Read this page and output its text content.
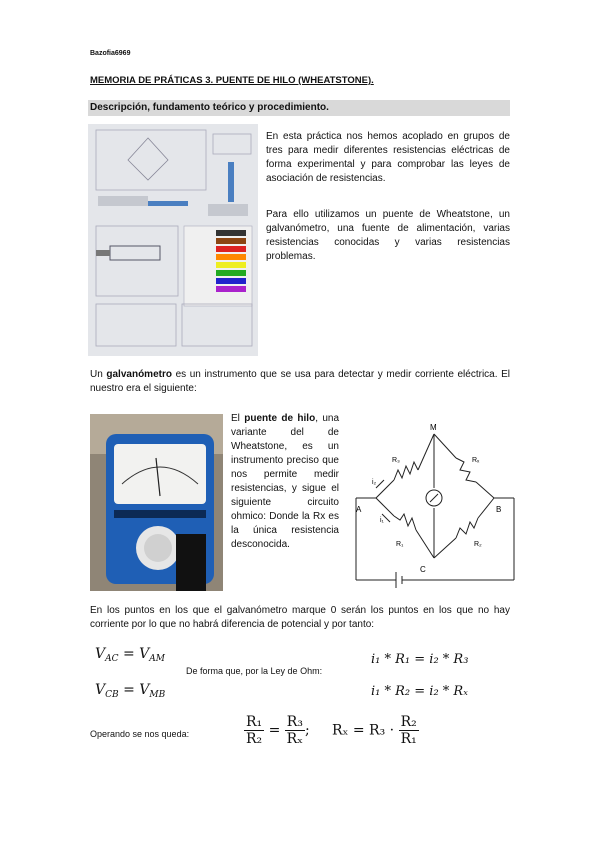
Bazofia6969
MEMORIA DE PRÁTICAS 3. PUENTE DE HILO (WHEATSTONE).
Descripción, fundamento teórico y procedimiento.
En esta práctica nos hemos acoplado en grupos de tres para medir diferentes resistencias eléctricas de forma experimental y para comprobar las leyes de asociación de resistencias.
Para ello utilizamos un puente de Wheatstone, un galvanómetro, una fuente de alimentación, varias resistencias conocidas y varias resistencias problemas.
Un galvanómetro es un instrumento que se usa para detectar y medir corriente eléctrica. El nuestro era el siguiente:
El puente de hilo, una variante del de Wheatstone, es un instrumento preciso que nos permite medir resistencias, y sigue el siguiente circuito ohmico: Donde la Rx es la única resistencia desconocida.
M
A	B
C
R₃	Rₓ
R₁	R₂
i₁
i₂
En los puntos en los que el galvanómetro marque 0 serán los puntos en los que no hay corriente por lo que no habrá diferencia de potencial y por tanto:
$V_{AC} = V_{AM}$
$V_{CB} = V_{MB}$
De forma que, por la Ley de Ohm:
i₁ * R₁ = i₂ * R₃
i₁ * R₂ = i₂ * Rₓ
Operando se nos queda:	$\frac{\text{R₁}}{\text{R₂}} = \frac{\text{R₃}}{\text{Rₓ}}$ ; $R_x = R_3 \cdot \frac{\text{R₂}}{\text{R₁}}$
